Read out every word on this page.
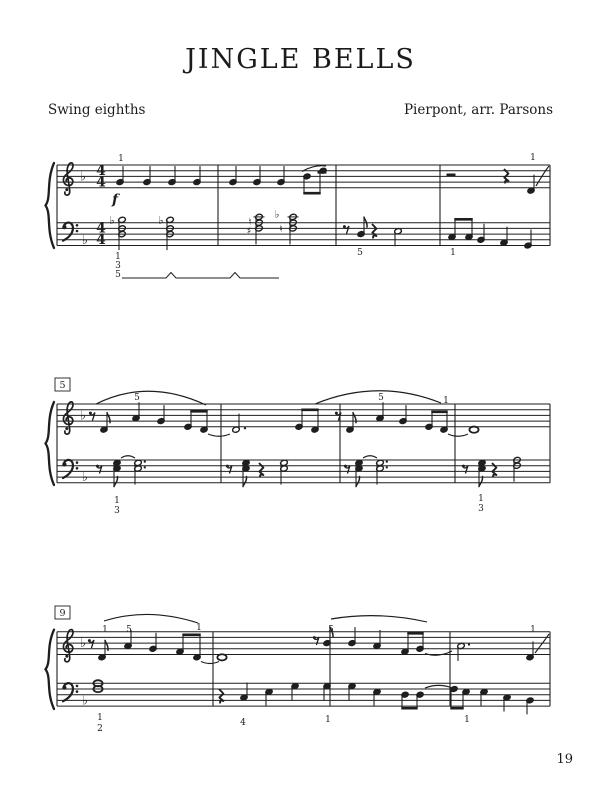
JINGLE BELLS
Swing eighths	Pierpont, arr. Parsons
♭
♭
4
4
4
4
1	1
f
♭	♭	♮
♯
♭
♮
5	1
1
3
5
5
♭
♭
5	5	1
1
3
1
3
9
♭
♭
1 5	1	5	1
1
2
4	1	1
19
